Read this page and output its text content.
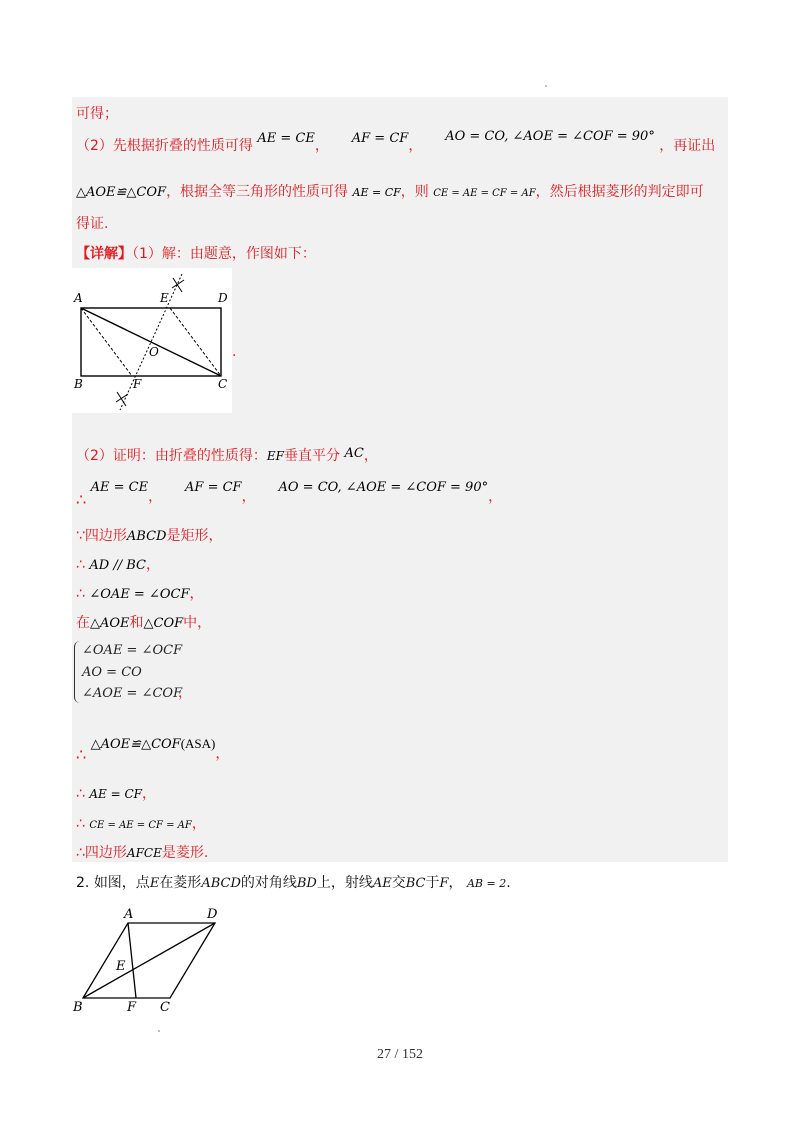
可得；
（2）先根据折叠的性质可得 AE = CE， AF = CF，  AO = CO, ∠AOE = ∠COF = 90° ，再证出
△AOE≌△COF，根据全等三角形的性质可得 AE = CF，则 CE = AE = CF = AF，然后根据菱形的判定即可
得证.
【详解】（1）解：由题意，作图如下：
A	E	D
O
B	F	C
.
（2）证明：由折叠的性质得：EF垂直平分 AC，
∴ AE = CE，  AF = CF，  AO = CO, ∠AOE = ∠COF = 90°，
∵四边形ABCD是矩形，
∴ AD // BC，
∴ ∠OAE = ∠OCF，
在△AOE和△COF中，
∠OAE = ∠OCF
AO = CO
∠AOE = ∠COF
，
∴ △AOE≌△COF(ASA)，
∴ AE = CF，
∴ CE = AE = CF = AF，
∴四边形AFCE是菱形.
2. 如图，点E在菱形ABCD的对角线BD上，射线AE交BC于F， AB = 2.
A	D
E
B	F C
27 / 152
